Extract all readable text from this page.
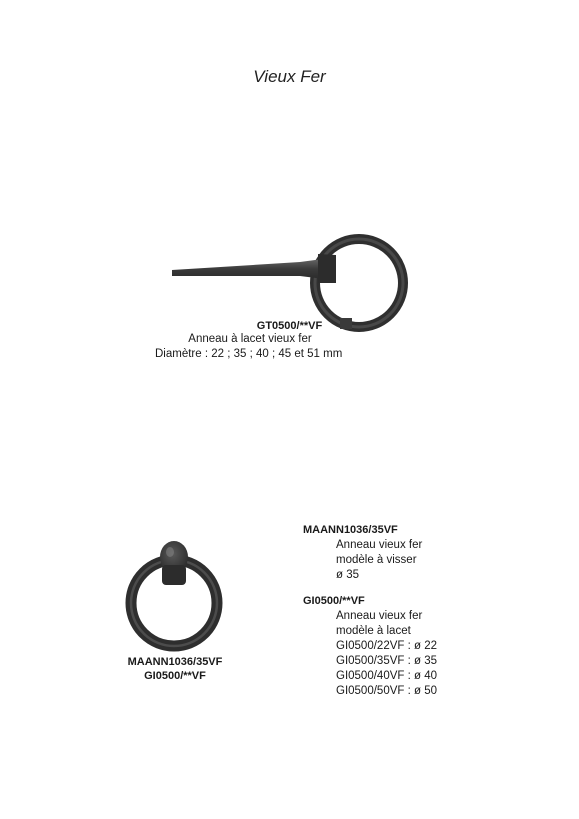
Vieux Fer
GT0500/**VF
Anneau à lacet vieux fer
Diamètre : 22 ; 35 ; 40 ; 45 et 51 mm
MAANN1036/35VF
GI0500/**VF
MAANN1036/35VF
Anneau vieux fer
modèle à visser
ø 35
GI0500/**VF
Anneau vieux fer
modèle à lacet
GI0500/22VF : ø 22
GI0500/35VF : ø 35
GI0500/40VF : ø 40
GI0500/50VF : ø 50
